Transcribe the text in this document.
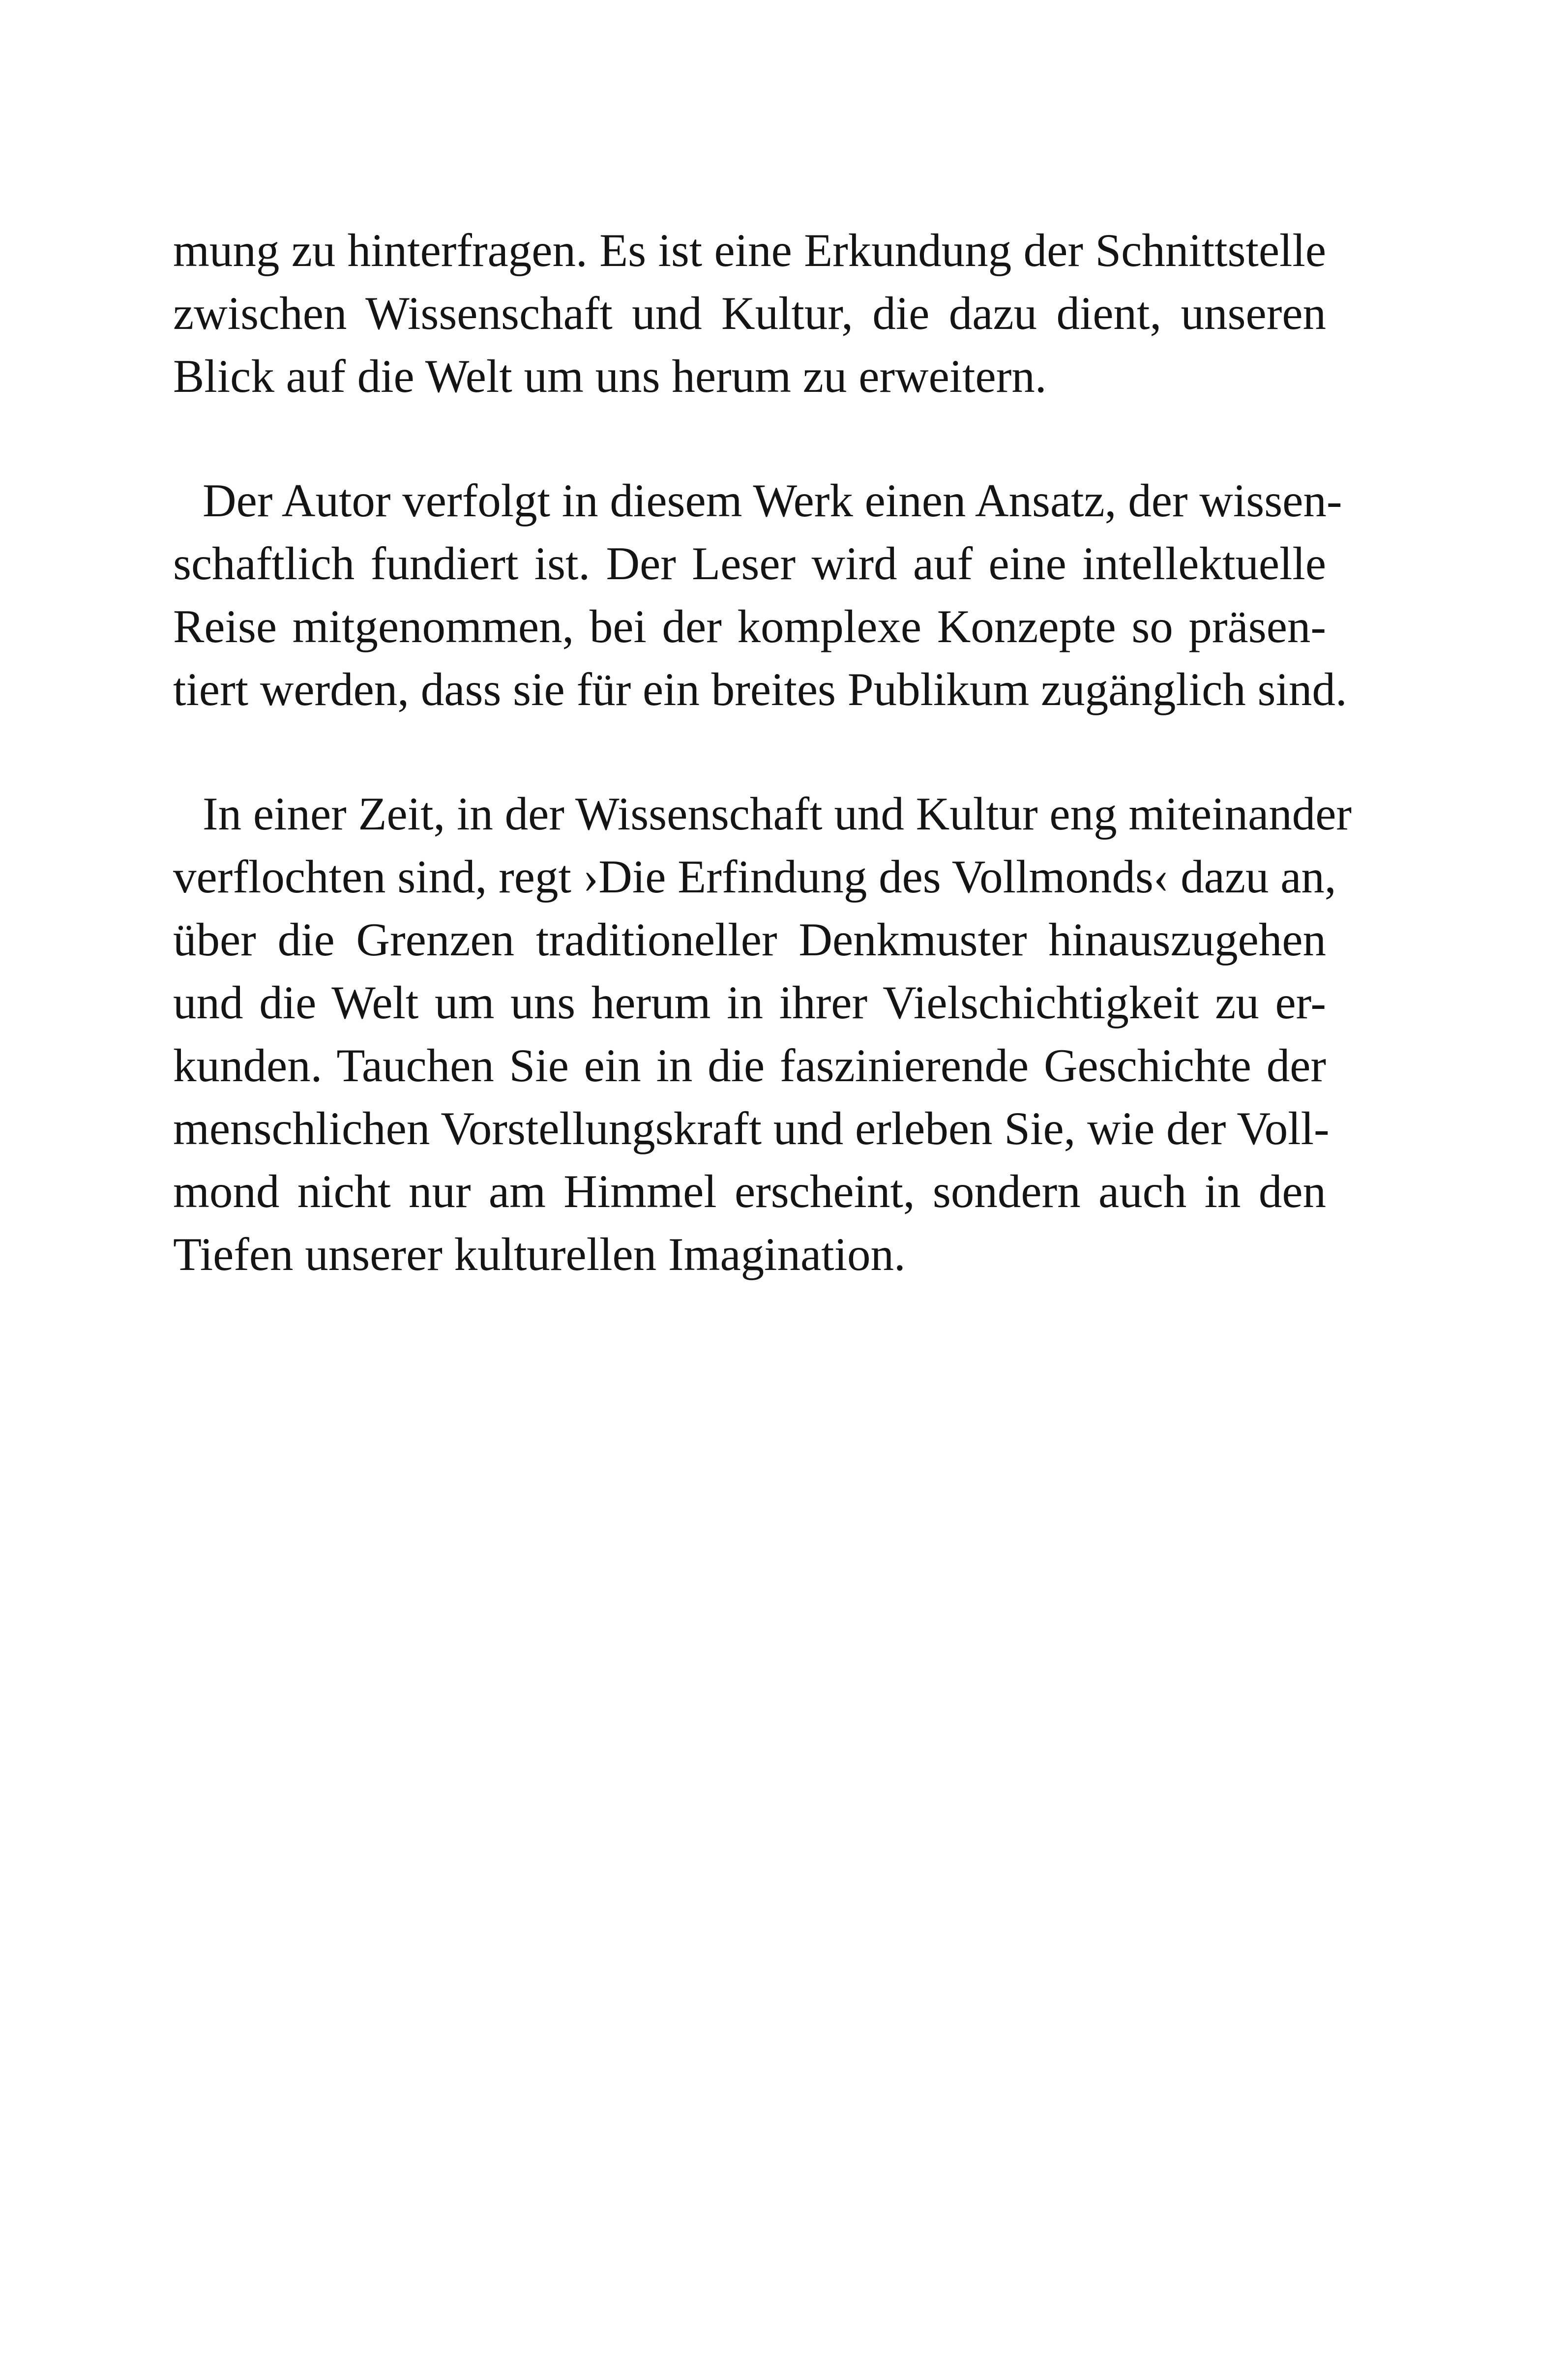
mung zu hinterfragen. Es ist eine Erkundung der Schnittstelle
zwischen Wissenschaft und Kultur, die dazu dient, unseren
Blick auf die Welt um uns herum zu erweitern.

Der Autor verfolgt in diesem Werk einen Ansatz, der wissen-
schaftlich fundiert ist. Der Leser wird auf eine intellektuelle
Reise mitgenommen, bei der komplexe Konzepte so präsen-
tiert werden, dass sie für ein breites Publikum zugänglich sind.

In einer Zeit, in der Wissenschaft und Kultur eng miteinander
verflochten sind, regt ›Die Erfindung des Vollmonds‹ dazu an,
über die Grenzen traditioneller Denkmuster hinauszugehen
und die Welt um uns herum in ihrer Vielschichtigkeit zu er-
kunden. Tauchen Sie ein in die faszinierende Geschichte der
menschlichen Vorstellungskraft und erleben Sie, wie der Voll-
mond nicht nur am Himmel erscheint, sondern auch in den
Tiefen unserer kulturellen Imagination.
